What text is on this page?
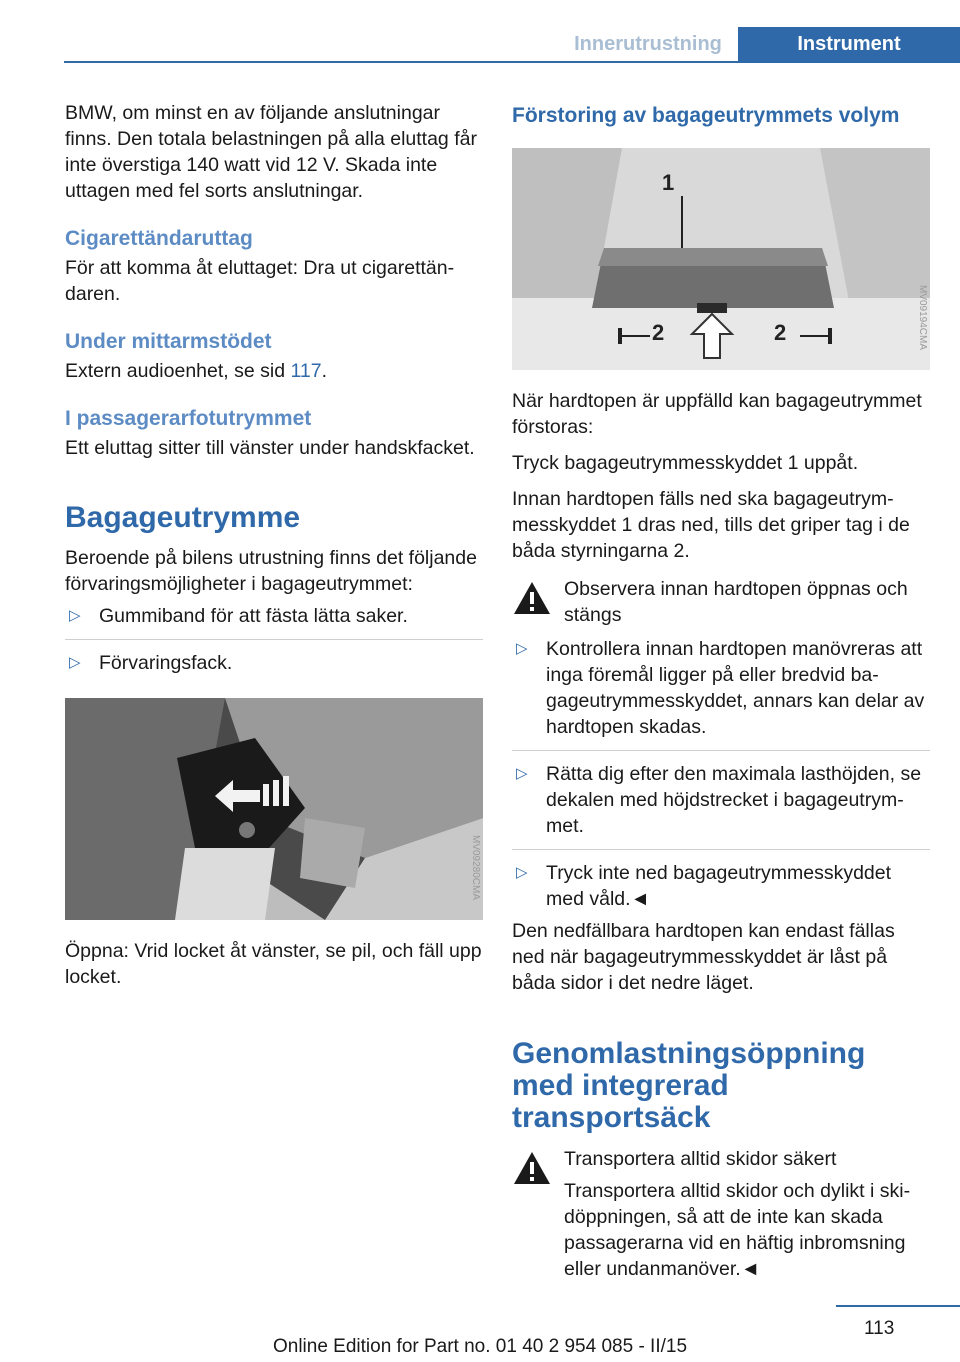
Innerutrustning	Instrument

BMW, om minst en av följande anslutningar finns. Den totala belastningen på alla eluttag får inte överstiga 140 watt vid 12 V. Skada inte uttagen med fel sorts anslutningar.

Cigarettändaruttag

För att komma åt eluttaget: Dra ut cigarettändaren.

Under mittarmstödet

Extern audioenhet, se sid 117.

I passagerarfotutrymmet

Ett eluttag sitter till vänster under handskfacket.

Bagageutrymme

Beroende på bilens utrustning finns det följande förvaringsmöjligheter i bagageutrymmet:

▷ Gummiband för att fästa lätta saker.
▷ Förvaringsfack.
MV09280CMA

Öppna: Vrid locket åt vänster, se pil, och fäll upp locket.

Förstoring av bagageutrymmets volym
1
2	2	MV09194CMA

När hardtopen är uppfälld kan bagageutrymmet förstoras:

Tryck bagageutrymmesskyddet 1 uppåt.

Innan hardtopen fälls ned ska bagageutrymmesskyddet 1 dras ned, tills det griper tag i de båda styrningarna 2.

Observera innan hardtopen öppnas och stängs
▷ Kontrollera innan hardtopen manövreras att inga föremål ligger på eller bredvid bagageutrymmesskyddet, annars kan delar av hardtopen skadas.
▷ Rätta dig efter den maximala lasthöjden, se dekalen med höjdstrecket i bagageutrymmet.
▷ Tryck inte ned bagageutrymmesskyddet med våld.◄

Den nedfällbara hardtopen kan endast fällas ned när bagageutrymmesskyddet är låst på båda sidor i det nedre läget.

Genomlastningsöppning med integrerad transportsäck
Transportera alltid skidor säkert
Transportera alltid skidor och dylikt i skidöppningen, så att de inte kan skada passagerarna vid en häftig inbromsning eller undanmanöver.◄
113
Online Edition for Part no. 01 40 2 954 085 - II/15
